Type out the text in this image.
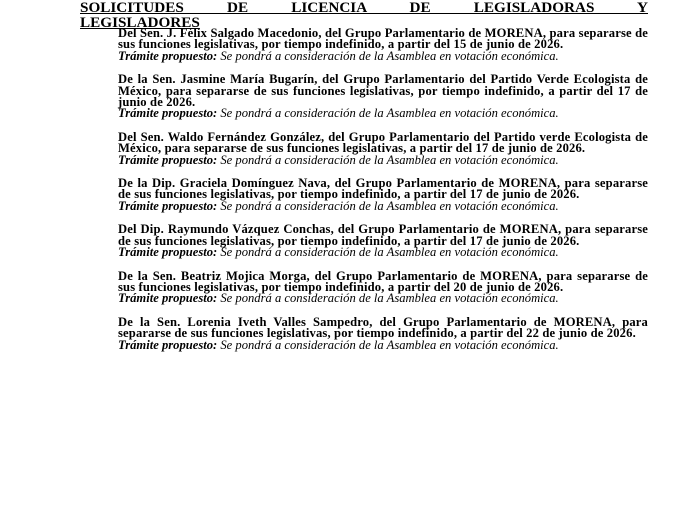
SOLICITUDES DE LICENCIA DE LEGISLADORAS Y
LEGISLADORES

Del Sen. J. Félix Salgado Macedonio, del Grupo Parlamentario de MORENA, para separarse de sus funciones legislativas, por tiempo indefinido, a partir del 15 de junio de 2026.

Trámite propuesto: Se pondrá a consideración de la Asamblea en votación económica.

De la Sen. Jasmine María Bugarín, del Grupo Parlamentario del Partido Verde Ecologista de México, para separarse de sus funciones legislativas, por tiempo indefinido, a partir del 17 de junio de 2026.

Trámite propuesto: Se pondrá a consideración de la Asamblea en votación económica.

Del Sen. Waldo Fernández González, del Grupo Parlamentario del Partido verde Ecologista de México, para separarse de sus funciones legislativas, a partir del 17 de junio de 2026.

Trámite propuesto: Se pondrá a consideración de la Asamblea en votación económica.

De la Dip. Graciela Domínguez Nava, del Grupo Parlamentario de MORENA, para separarse de sus funciones legislativas, por tiempo indefinido, a partir del 17 de junio de 2026.

Trámite propuesto: Se pondrá a consideración de la Asamblea en votación económica.

Del Dip. Raymundo Vázquez Conchas, del Grupo Parlamentario de MORENA, para separarse de sus funciones legislativas, por tiempo indefinido, a partir del 17 de junio de 2026.

Trámite propuesto: Se pondrá a consideración de la Asamblea en votación económica.

De la Sen. Beatriz Mojica Morga, del Grupo Parlamentario de MORENA, para separarse de sus funciones legislativas, por tiempo indefinido, a partir del 20 de junio de 2026.

Trámite propuesto: Se pondrá a consideración de la Asamblea en votación económica.

De la Sen. Lorenia Iveth Valles Sampedro, del Grupo Parlamentario de MORENA, para separarse de sus funciones legislativas, por tiempo indefinido, a partir del 22 de junio de 2026.

Trámite propuesto: Se pondrá a consideración de la Asamblea en votación económica.
